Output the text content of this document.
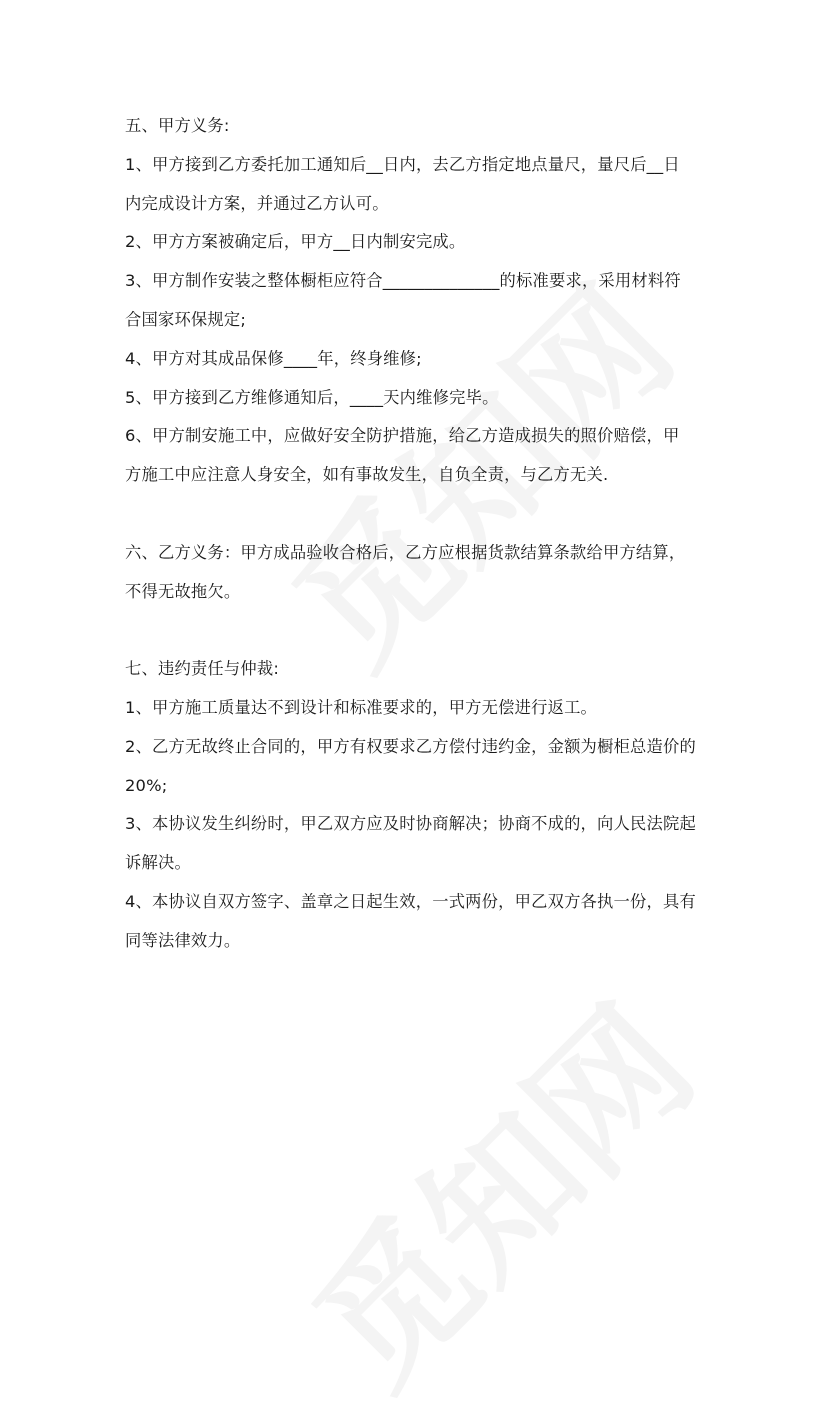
五、甲方义务:
1、甲方接到乙方委托加工通知后__日内，去乙方指定地点量尺，量尺后__日
内完成设计方案，并通过乙方认可。
2、甲方方案被确定后，甲方__日内制安完成。
3、甲方制作安装之整体橱柜应符合______________的标准要求，采用材料符
合国家环保规定;
4、甲方对其成品保修____年，终身维修;
5、甲方接到乙方维修通知后，____天内维修完毕。
6、甲方制安施工中，应做好安全防护措施，给乙方造成损失的照价赔偿，甲
方施工中应注意人身安全，如有事故发生，自负全责，与乙方无关.
六、乙方义务：甲方成品验收合格后，乙方应根据货款结算条款给甲方结算，
不得无故拖欠。
七、违约责任与仲裁:
1、甲方施工质量达不到设计和标准要求的，甲方无偿进行返工。
2、乙方无故终止合同的，甲方有权要求乙方偿付违约金，金额为橱柜总造价的
20%;
3、本协议发生纠纷时，甲乙双方应及时协商解决；协商不成的，向人民法院起
诉解决。
4、本协议自双方签字、盖章之日起生效，一式两份，甲乙双方各执一份，具有
同等法律效力。
